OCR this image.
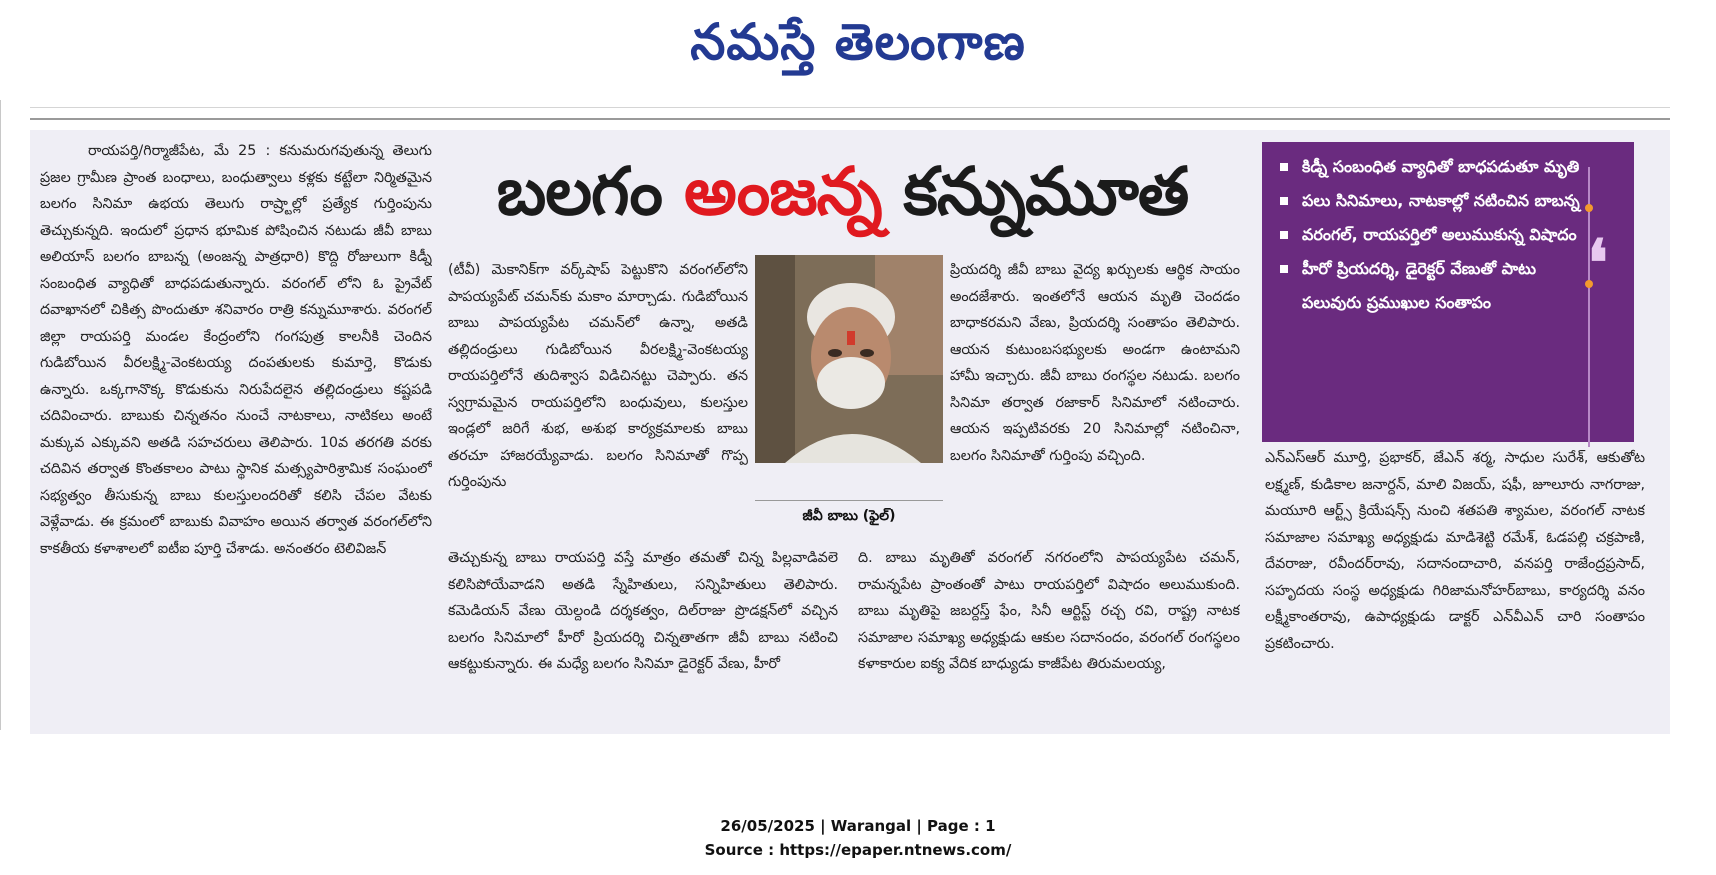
నమస్తే తెలంగాణ
బలగం అంజన్న కన్నుమూత
రాయపర్తి/గిర్మాజీపేట, మే 25 : కనుమరుగవుతున్న తెలుగు ప్రజల గ్రామీణ ప్రాంత బంధాలు, బంధుత్వాలు కళ్లకు కట్టేలా నిర్మితమైన బలగం సినిమా ఉభయ తెలుగు రాష్ర్టాల్లో ప్రత్యేక గుర్తింపును తెచ్చుకున్నది. ఇందులో ప్రధాన భూమిక పోషించిన నటుడు జీవీ బాబు అలియాస్ బలగం బాబన్న (అంజన్న పాత్రధారి) కొద్ది రోజులుగా కిడ్నీ సంబంధిత వ్యాధితో బాధపడుతున్నారు. వరంగల్ లోని ఓ ప్రైవేట్ దవాఖానలో చికిత్స పొందుతూ శనివారం రాత్రి కన్నుమూశారు. వరంగల్ జిల్లా రాయపర్తి మండల కేంద్రంలోని గంగపుత్ర కాలనీకి చెందిన గుడిబోయిన వీరలక్ష్మి-వెంకటయ్య దంపతులకు కుమార్తె, కొడుకు ఉన్నారు. ఒక్కగానొక్క కొడుకును నిరుపేదలైన తల్లిదండ్రులు కష్టపడి చదివించారు. బాబుకు చిన్నతనం నుంచే నాటకాలు, నాటికలు అంటే మక్కువ ఎక్కువని అతడి సహచరులు తెలిపారు. 10వ తరగతి వరకు చదివిన తర్వాత కొంతకాలం పాటు స్థానిక మత్స్యపారిశ్రామిక సంఘంలో సభ్యత్వం తీసుకున్న బాబు కులస్తులందరితో కలిసి చేపల వేటకు వెళ్లేవాడు. ఈ క్రమంలో బాబుకు వివాహం అయిన తర్వాత వరంగల్‌లోని కాకతీయ కళాశాలలో ఐటీఐ పూర్తి చేశాడు. అనంతరం టెలివిజన్
(టీవీ) మెకానిక్‌గా వర్క్‌షాప్ పెట్టుకొని వరంగల్‌లోని పాపయ్యపేట్ చమన్‌కు మకాం మార్చాడు. గుడిబోయిన బాబు పాపయ్యపేట చమన్‌లో ఉన్నా, అతడి తల్లిదండ్రులు గుడిబోయిన వీరలక్ష్మి-వెంకటయ్య రాయపర్తిలోనే తుదిశ్వాస విడిచినట్టు చెప్పారు. తన స్వగ్రామమైన రాయపర్తిలోని బంధువులు, కులస్తుల ఇండ్లలో జరిగే శుభ, అశుభ కార్యక్రమాలకు బాబు తరచూ హాజరయ్యేవాడు. బలగం సినిమాతో గొప్ప గుర్తింపును
తెచ్చుకున్న బాబు రాయపర్తి వస్తే మాత్రం తమతో చిన్న పిల్లవాడివలె కలిసిపోయేవాడని అతడి స్నేహితులు, సన్నిహితులు తెలిపారు. కమెడియన్ వేణు యెల్దండి దర్శకత్వం, దిల్‌రాజు ప్రొడక్షన్‌లో వచ్చిన బలగం సినిమాలో హీరో ప్రియదర్శి చిన్నతాతగా జీవీ బాబు నటించి ఆకట్టుకున్నారు. ఈ మధ్యే బలగం సినిమా డైరెక్టర్ వేణు, హీరో
ప్రియదర్శి జీవీ బాబు వైద్య ఖర్చులకు ఆర్థిక సాయం అందజేశారు. ఇంతలోనే ఆయన మృతి చెందడం బాధాకరమని వేణు, ప్రియదర్శి సంతాపం తెలిపారు. ఆయన కుటుంబసభ్యులకు అండగా ఉంటామని హామీ ఇచ్చారు. జీవీ బాబు రంగస్థల నటుడు. బలగం సినిమా తర్వాత రజాకార్ సినిమాలో నటించారు. ఆయన ఇప్పటివరకు 20 సినిమాల్లో నటించినా, బలగం సినిమాతో గుర్తింపు వచ్చింది.
ది. బాబు మృతితో వరంగల్ నగరంలోని పాపయ్యపేట చమన్, రామన్నపేట ప్రాంతంతో పాటు రాయపర్తిలో విషాదం అలుముకుంది. బాబు మృతిపై జబర్దస్త్ ఫేం, సినీ ఆర్టిస్ట్ రచ్చ రవి, రాష్ట్ర నాటక సమాజాల సమాఖ్య అధ్యక్షుడు ఆకుల సదానందం, వరంగల్ రంగస్థలం కళాకారుల ఐక్య వేదిక బాధ్యుడు కాజీపేట తిరుమలయ్య,
ఎన్ఎస్ఆర్ మూర్తి, ప్రభాకర్, జేఎన్ శర్మ, సాధుల సురేశ్, ఆకుతోట లక్ష్మణ్, కుడికాల జనార్దన్, మాలి విజయ్, షఫీ, జూలూరు నాగరాజు, మయూరి ఆర్ట్స్ క్రియేషన్స్ నుంచి శతపతి శ్యామల, వరంగల్ నాటక సమాజాల సమాఖ్య అధ్యక్షుడు మాడిశెట్టి రమేశ్, ఓడపల్లి చక్రపాణి, దేవరాజు, రవీందర్‌రావు, సదానందాచారి, వనపర్తి రాజేంద్రప్రసాద్, సహృదయ సంస్థ అధ్యక్షుడు గిరిజామనోహర్‌బాబు, కార్యదర్శి వనం లక్ష్మీకాంతరావు, ఉపాధ్యక్షుడు డాక్టర్ ఎన్‌వీఎన్ చారి సంతాపం ప్రకటించారు.
జీవీ బాబు (ఫైల్)
కిడ్నీ సంబంధిత వ్యాధితో బాధపడుతూ మృతి
పలు సినిమాలు, నాటకాల్లో నటించిన బాబన్న
వరంగల్, రాయపర్తిలో అలుముకున్న విషాదం
హీరో ప్రియదర్శి, డైరెక్టర్ వేణుతో పాటు పలువురు ప్రముఖుల సంతాపం
❛
26/05/2025 | Warangal | Page : 1
Source : https://epaper.ntnews.com/
